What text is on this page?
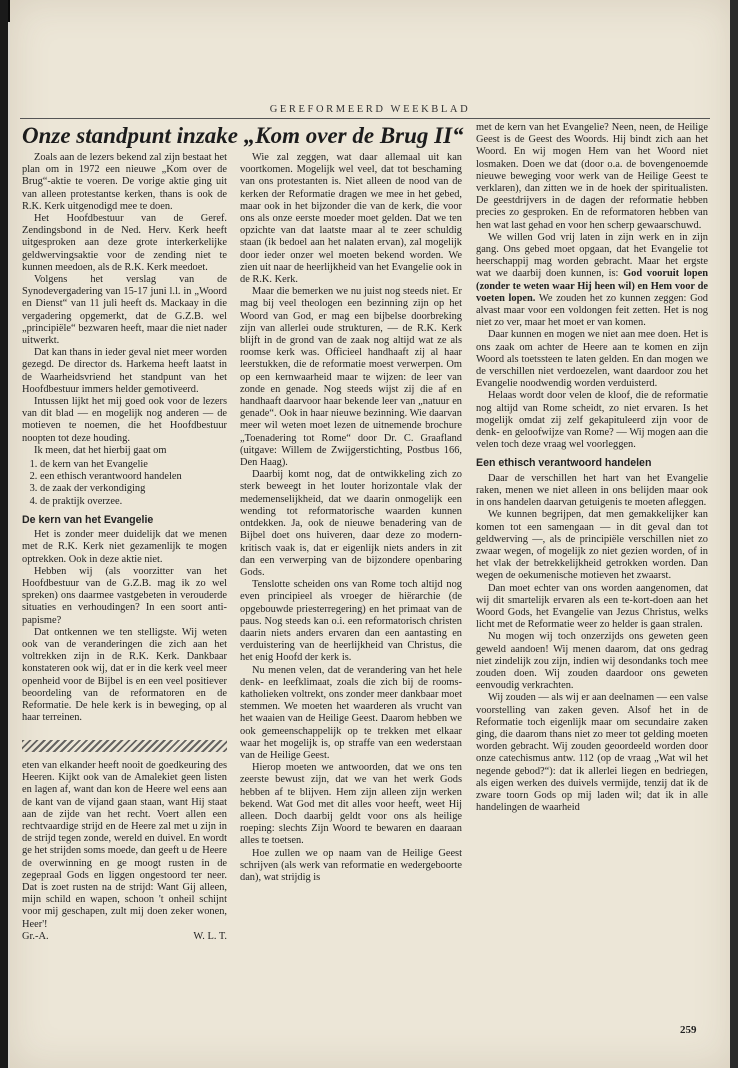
GEREFORMEERD WEEKBLAD
Onze standpunt inzake „Kom over de Brug II“

Zoals aan de lezers bekend zal zijn bestaat het plan om in 1972 een nieuwe „Kom over de Brug“-aktie te voeren. De vorige aktie ging uit van alleen protestantse kerken, thans is ook de R.K. Kerk uitgenodigd mee te doen.

Het Hoofdbestuur van de Geref. Zendingsbond in de Ned. Herv. Kerk heeft uitgesproken aan deze grote interkerkelijke geldwervingsaktie voor de zending niet te kunnen meedoen, als de R.K. Kerk meedoet.

Volgens het verslag van de Synodevergadering van 15-17 juni l.l. in „Woord en Dienst“ van 11 juli heeft ds. Mackaay in die vergadering opgemerkt, dat de G.Z.B. wel „principiële“ bezwaren heeft, maar die niet nader uitwerkt.

Dat kan thans in ieder geval niet meer worden gezegd. De director ds. Harkema heeft laatst in de Waarheidsvriend het standpunt van het Hoofdbestuur immers helder gemotiveerd.

Intussen lijkt het mij goed ook voor de lezers van dit blad — en mogelijk nog anderen — de motieven te noemen, die het Hoofdbestuur noopten tot deze houding.

Ik meen, dat het hierbij gaat om

1. de kern van het Evangelie
2. een ethisch verantwoord handelen
3. de zaak der verkondiging
4. de praktijk overzee.
De kern van het Evangelie

Het is zonder meer duidelijk dat we menen met de R.K. Kerk niet gezamenlijk te mogen optrekken. Ook in deze aktie niet.

Hebben wij (als voorzitter van het Hoofdbestuur van de G.Z.B. mag ik zo wel spreken) ons daarmee vastgebeten in verouderde situaties en verhoudingen? In een soort anti-papisme?

Dat ontkennen we ten stelligste. Wij weten ook van de veranderingen die zich aan het voltrekken zijn in de R.K. Kerk. Dankbaar konstateren ook wij, dat er in die kerk veel meer openheid voor de Bijbel is en een veel positiever beoordeling van de reformatoren en de Reformatie. De hele kerk is in beweging, op al haar terreinen.

eten van elkander heeft nooit de goedkeuring des Heeren. Kijkt ook van de Amalekiet geen listen en lagen af, want dan kon de Heere wel eens aan de kant van de vijand gaan staan, want Hij staat aan de zijde van het recht. Voert allen een rechtvaardige strijd en de Heere zal met u zijn in de strijd tegen zonde, wereld en duivel. En wordt ge het strijden soms moede, dan geeft u de Heere de overwinning en ge moogt rusten in de zegepraal Gods en liggen ongestoord ter neer. Dat is zoet rusten na de strijd: Want Gij alleen, mijn schild en wapen, schoon 't onheil schijnt voor mij geschapen, zult mij doen zeker wonen, Heer'!

Gr.-A.	W. L. T.

Wie zal zeggen, wat daar allemaal uit kan voortkomen. Mogelijk wel veel, dat tot beschaming van ons protestanten is. Niet alleen de nood van de kerken der Reformatie dragen we mee in het gebed, maar ook in het bijzonder die van de kerk, die voor ons als onze eerste moeder moet gelden. Dat we ten opzichte van dat laatste maar al te zeer schuldig staan (ik bedoel aan het nalaten ervan), zal mogelijk door ieder onzer wel moeten bekend worden. We zien uit naar de heerlijkheid van het Evangelie ook in de R.K. Kerk.

Maar die bemerken we nu juist nog steeds niet. Er mag bij veel theologen een bezinning zijn op het Woord van God, er mag een bijbelse doorbreking zijn van allerlei oude strukturen, — de R.K. Kerk blijft in de grond van de zaak nog altijd wat ze als roomse kerk was. Officieel handhaaft zij al haar leerstukken, die de reformatie moest verwerpen. Om op een kernwaarheid maar te wijzen: de leer van zonde en genade. Nog steeds wijst zij die af en handhaaft daarvoor haar bekende leer van „natuur en genade“. Ook in haar nieuwe bezinning. Wie daarvan meer wil weten moet lezen de uitnemende brochure „Toenadering tot Rome“ door Dr. C. Graafland (uitgave: Willem de Zwijgerstichting, Postbus 166, Den Haag).

Daarbij komt nog, dat de ontwikkeling zich zo sterk beweegt in het louter horizontale vlak der medemenselijkheid, dat we daarin onmogelijk een wending tot reformatorische waarden kunnen ontdekken. Ja, ook de nieuwe benadering van de Bijbel doet ons huiveren, daar deze zo modern-kritisch vaak is, dat er eigenlijk niets anders in zit dan een verwerping van de bijzondere openbaring Gods.

Tenslotte scheiden ons van Rome toch altijd nog even principieel als vroeger de hiërarchie (de opgebouwde priesterregering) en het primaat van de paus. Nog steeds kan o.i. een reformatorisch christen daarin niets anders ervaren dan een aantasting en verduistering van de heerlijkheid van Christus, die het enig Hoofd der kerk is.

Nu menen velen, dat de verandering van het hele denk- en leefklimaat, zoals die zich bij de rooms-katholieken voltrekt, ons zonder meer dankbaar moet stemmen. We moeten het waarderen als vrucht van het waaien van de Heilige Geest. Daarom hebben we ook gemeenschappelijk op te trekken met elkaar waar het mogelijk is, op straffe van een wederstaan van de Heilige Geest.

Hierop moeten we antwoorden, dat we ons ten zeerste bewust zijn, dat we van het werk Gods hebben af te blijven. Hem zijn alleen zijn werken bekend. Wat God met dit alles voor heeft, weet Hij alleen. Doch daarbij geldt voor ons als heilige roeping: slechts Zijn Woord te bewaren en daaraan alles te toetsen.

Hoe zullen we op naam van de Heilige Geest schrijven (als werk van reformatie en wedergeboorte dan), wat strijdig is

met de kern van het Evangelie? Neen, neen, de Heilige Geest is de Geest des Woords. Hij bindt zich aan het Woord. En wij mogen Hem van het Woord niet losmaken. Doen we dat (door o.a. de bovengenoemde nieuwe beweging voor werk van de Heilige Geest te verklaren), dan zitten we in de hoek der spiritualisten. De geestdrijvers in de dagen der reformatie hebben precies zo gesproken. En de reformatoren hebben van hen wat last gehad en voor hen scherp gewaarschuwd.

We willen God vrij laten in zijn werk en in zijn gang. Ons gebed moet opgaan, dat het Evangelie tot heerschappij mag worden gebracht. Maar het ergste wat we daarbij doen kunnen, is: God vooruit lopen (zonder te weten waar Hij heen wil) en Hem voor de voeten lopen. We zouden het zo kunnen zeggen: God alvast maar voor een voldongen feit zetten. Het is nog niet zo ver, maar het moet er van komen.

Daar kunnen en mogen we niet aan mee doen. Het is ons zaak om achter de Heere aan te komen en zijn Woord als toetssteen te laten gelden. En dan mogen we de verschillen niet verdoezelen, want daardoor zou het Evangelie noodwendig worden verduisterd.

Helaas wordt door velen de kloof, die de reformatie nog altijd van Rome scheidt, zo niet ervaren. Is het mogelijk omdat zij zelf gekapituleerd zijn voor de denk- en geloofwijze van Rome? — Wij mogen aan die velen toch deze vraag wel voorleggen.

Een ethisch verantwoord handelen

Daar de verschillen het hart van het Evangelie raken, menen we niet alleen in ons belijden maar ook in ons handelen daarvan getuigenis te moeten afleggen.

We kunnen begrijpen, dat men gemakkelijker kan komen tot een samengaan — in dit geval dan tot geldwerving —, als de principiële verschillen niet zo zwaar wegen, of mogelijk zo niet gezien worden, of in het vlak der betrekkelijkheid getrokken worden. Dan wegen de oekumenische motieven het zwaarst.

Dan moet echter van ons worden aangenomen, dat wij dit smartelijk ervaren als een te-kort-doen aan het Woord Gods, het Evangelie van Jezus Christus, welks licht met de Reformatie weer zo helder is gaan stralen.

Nu mogen wij toch onzerzijds ons geweten geen geweld aandoen! Wij menen daarom, dat ons gedrag niet zindelijk zou zijn, indien wij desondanks toch mee zouden doen. Wij zouden daardoor ons geweten eenvoudig verkrachten.

Wij zouden — als wij er aan deelnamen — een valse voorstelling van zaken geven. Alsof het in de Reformatie toch eigenlijk maar om secundaire zaken ging, die daarom thans niet zo meer tot gelding moeten worden gebracht. Wij zouden geoordeeld worden door onze catechismus antw. 112 (op de vraag „Wat wil het negende gebod?“): dat ik allerlei liegen en bedriegen, als eigen werken des duivels vermijde, tenzij dat ik de zware toorn Gods op mij laden wil; dat ik in alle handelingen de waarheid

259
